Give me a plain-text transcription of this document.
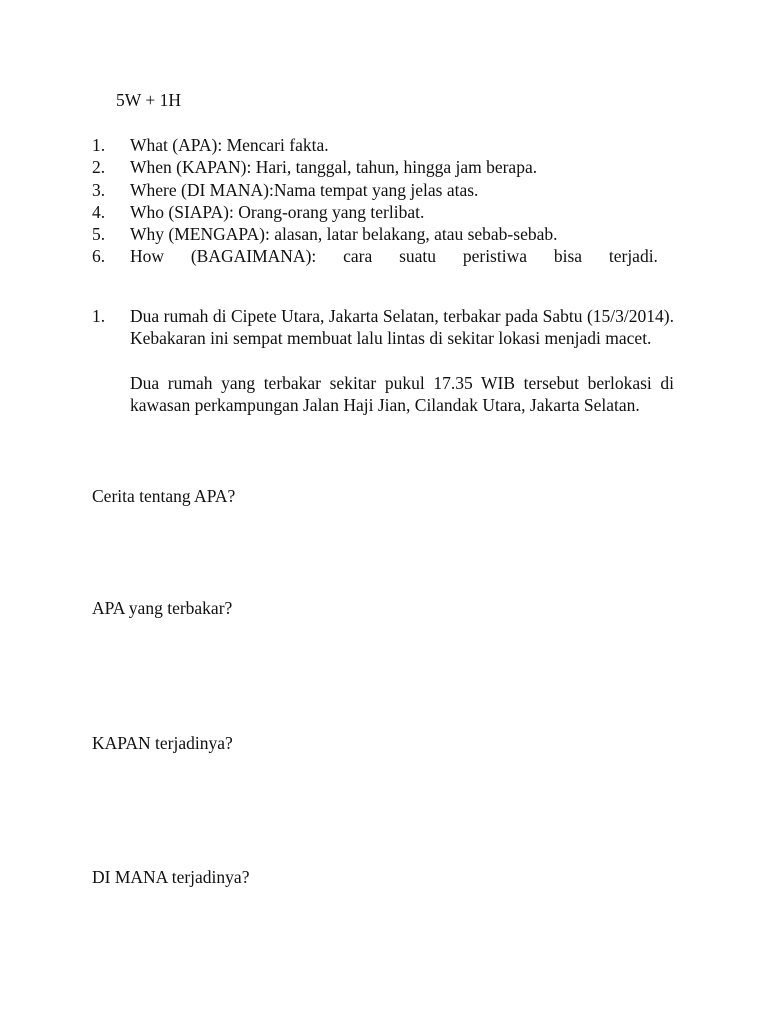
5W + 1H
1.	What (APA): Mencari fakta.
2.	When (KAPAN): Hari, tanggal, tahun, hingga jam berapa.
3.	Where (DI MANA):Nama tempat yang jelas atas.
4.	Who (SIAPA): Orang-orang yang terlibat.
5.	Why (MENGAPA): alasan, latar belakang, atau sebab-sebab.
6.	How (BAGAIMANA): cara suatu peristiwa bisa terjadi.
1.	Dua rumah di Cipete Utara, Jakarta Selatan, terbakar pada Sabtu (15/3/2014). Kebakaran ini sempat membuat lalu lintas di sekitar lokasi menjadi macet.

Dua rumah yang terbakar sekitar pukul 17.35 WIB tersebut berlokasi di kawasan perkampungan Jalan Haji Jian, Cilandak Utara, Jakarta Selatan.

Cerita tentang APA?
APA yang terbakar?
KAPAN terjadinya?
DI MANA terjadinya?
